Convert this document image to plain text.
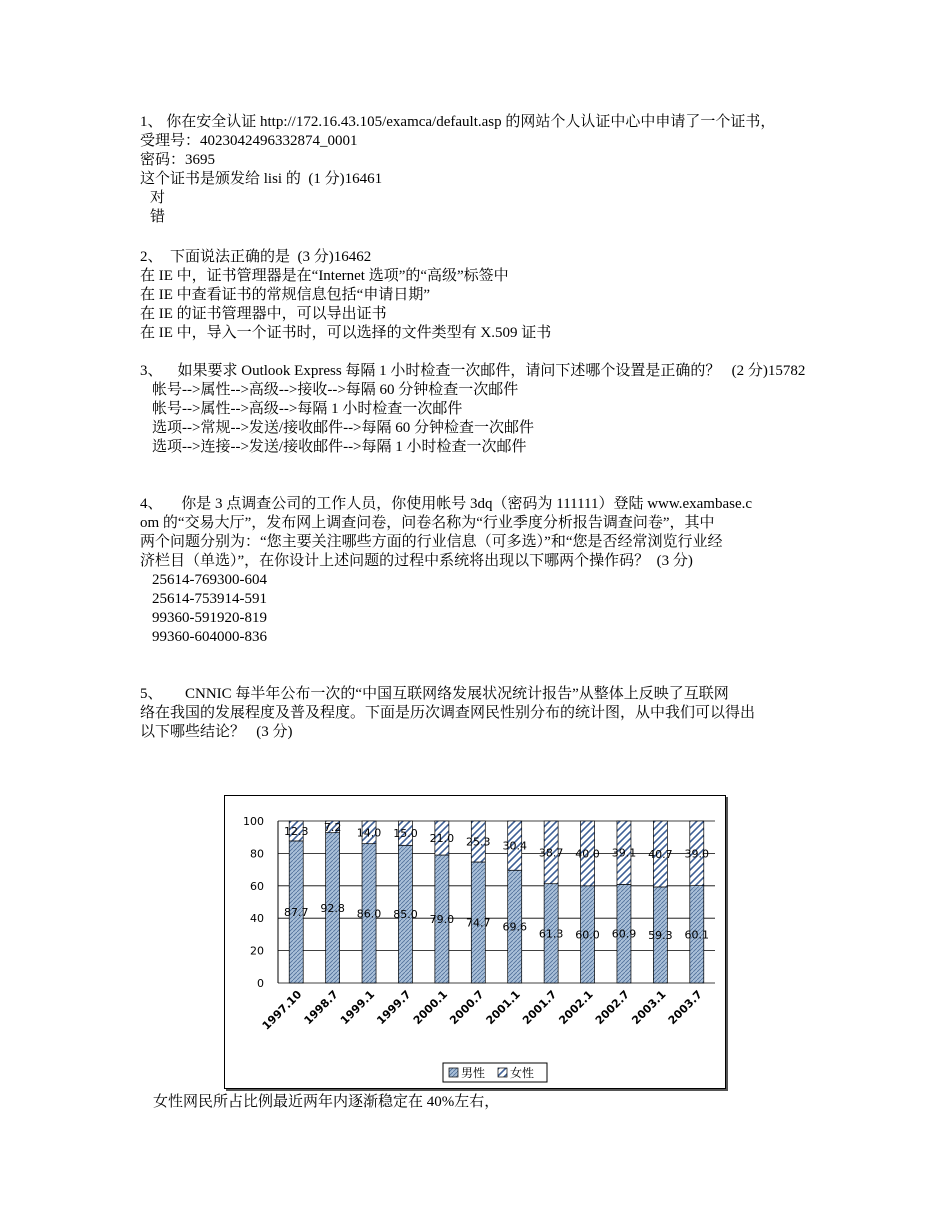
1、 你在安全认证 http://172.16.43.105/examca/default.asp 的网站个人认证中心中申请了一个证书，

受理号：4023042496332874_0001

密码：3695

这个证书是颁发给 lisi 的  (1 分)16461

对

错

2、  下面说法正确的是  (3 分)16462

在 IE 中，证书管理器是在“Internet 选项”的“高级”标签中

在 IE 中查看证书的常规信息包括“申请日期”

在 IE 的证书管理器中，可以导出证书

在 IE 中，导入一个证书时，可以选择的文件类型有 X.509 证书

3、    如果要求 Outlook Express 每隔 1 小时检查一次邮件，请问下述哪个设置是正确的？   (2 分)15782

帐号-->属性-->高级-->接收-->每隔 60 分钟检查一次邮件

帐号-->属性-->高级-->每隔 1 小时检查一次邮件

选项-->常规-->发送/接收邮件-->每隔 60 分钟检查一次邮件

选项-->连接-->发送/接收邮件-->每隔 1 小时检查一次邮件

4、     你是 3 点调查公司的工作人员，你使用帐号 3dq（密码为 111111）登陆 www.exambase.c

om 的“交易大厅”，发布网上调查问卷，问卷名称为“行业季度分析报告调查问卷”，其中

两个问题分别为：“您主要关注哪些方面的行业信息（可多选）”和“您是否经常浏览行业经

济栏目（单选）”，在你设计上述问题的过程中系统将出现以下哪两个操作码？  (3 分)

25614-769300-604

25614-753914-591

99360-591920-819

99360-604000-836

5、      CNNIC 每半年公布一次的“中国互联网络发展状况统计报告”从整体上反映了互联网

络在我国的发展程度及普及程度。下面是历次调查网民性别分布的统计图，从中我们可以得出

以下哪些结论？   (3 分)

87.7
12.3
92.8
7.2
86.0
14.0
85.0
15.0
79.0
21.0
74.7
25.3
69.6
30.4
61.3
38.7
60.0
40.0
60.9
39.1
59.3
40.7
60.1
39.0
0
20
40
60
80
100
1997.10
1998.7
1999.1
1999.7
2000.1
2000.7
2001.1
2001.7
2002.1
2002.7
2003.1
2003.7
男性 女性

女性网民所占比例最近两年内逐渐稳定在 40%左右，
